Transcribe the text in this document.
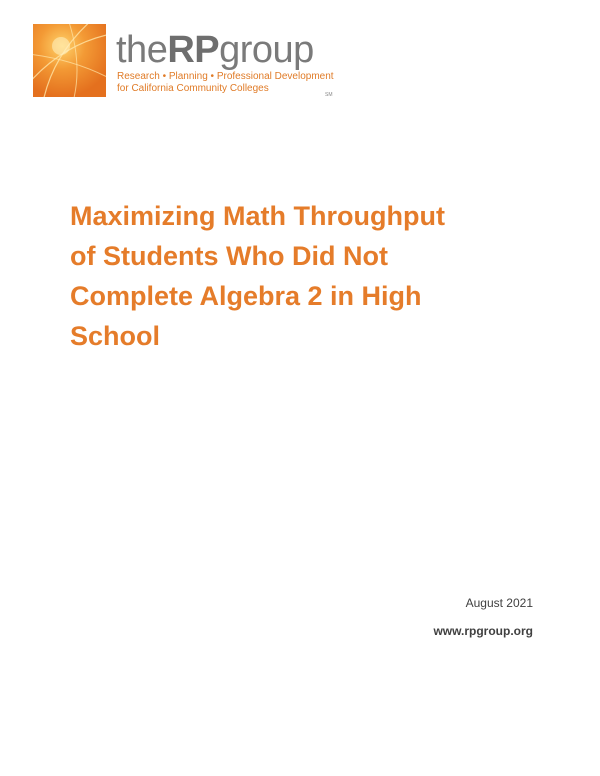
theRPgroup
Research • Planning • Professional Development
for California Community Colleges
SM
Maximizing Math Throughput
of Students Who Did Not
Complete Algebra 2 in High
School
August 2021
www.rpgroup.org
